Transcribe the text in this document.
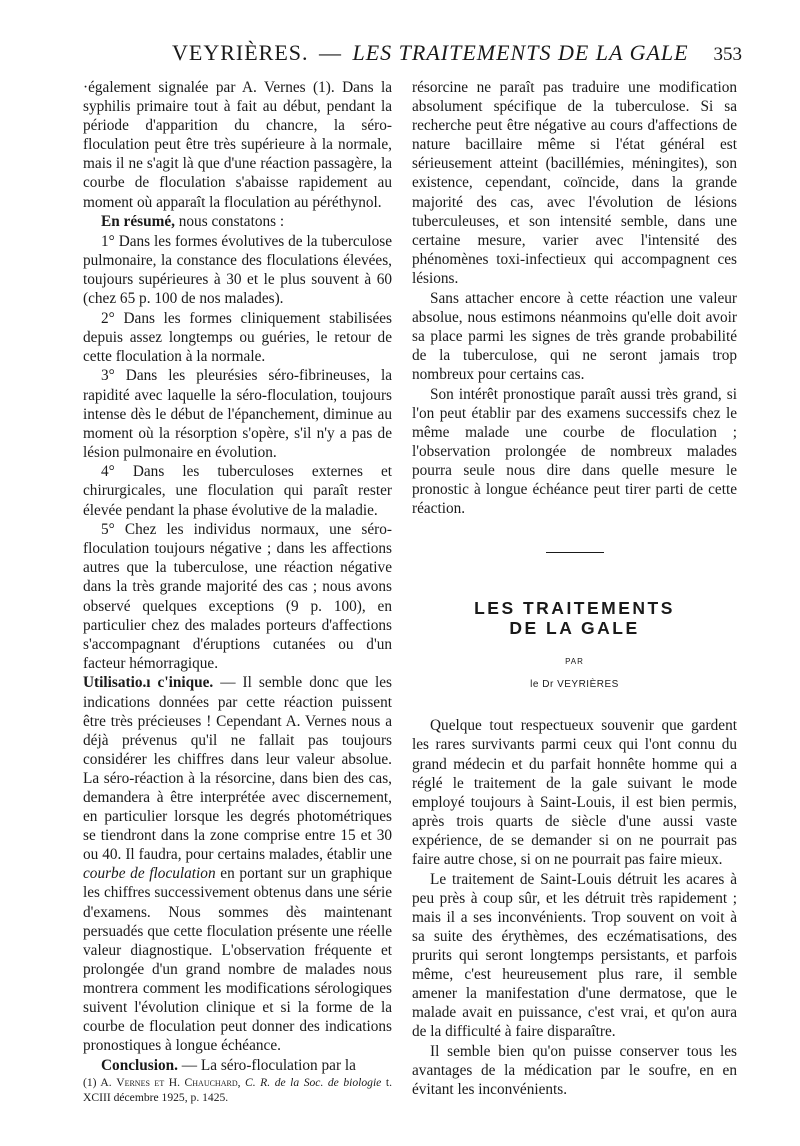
VEYRIÈRES. — LES TRAITEMENTS DE LA GALE 353

·également signalée par A. Vernes (1). Dans la syphilis primaire tout à fait au début, pendant la période d'apparition du chancre, la séro-floculation peut être très supérieure à la normale, mais il ne s'agit là que d'une réaction passagère, la courbe de floculation s'abaisse rapidement au moment où apparaît la floculation au péréthynol.

En résumé, nous constatons :

1° Dans les formes évolutives de la tuberculose pulmonaire, la constance des floculations élevées, toujours supérieures à 30 et le plus souvent à 60 (chez 65 p. 100 de nos malades).

2° Dans les formes cliniquement stabilisées depuis assez longtemps ou guéries, le retour de cette floculation à la normale.

3° Dans les pleurésies séro-fibrineuses, la rapidité avec laquelle la séro-floculation, toujours intense dès le début de l'épanchement, diminue au moment où la résorption s'opère, s'il n'y a pas de lésion pulmonaire en évolution.

4° Dans les tuberculoses externes et chirurgicales, une floculation qui paraît rester élevée pendant la phase évolutive de la maladie.

5° Chez les individus normaux, une séro-floculation toujours négative ; dans les affections autres que la tuberculose, une réaction négative dans la très grande majorité des cas ; nous avons observé quelques exceptions (9 p. 100), en particulier chez des malades porteurs d'affections s'accompagnant d'éruptions cutanées ou d'un facteur hémorragique.

Utilisatio.ı c'inique. — Il semble donc que les indications données par cette réaction puissent être très précieuses ! Cependant A. Vernes nous a déjà prévenus qu'il ne fallait pas toujours considérer les chiffres dans leur valeur absolue. La séro-réaction à la résorcine, dans bien des cas, demandera à être interprétée avec discernement, en particulier lorsque les degrés photométriques se tiendront dans la zone comprise entre 15 et 30 ou 40. Il faudra, pour certains malades, établir une courbe de floculation en portant sur un graphique les chiffres successivement obtenus dans une série d'examens. Nous sommes dès maintenant persuadés que cette floculation présente une réelle valeur diagnostique. L'observation fréquente et prolongée d'un grand nombre de malades nous montrera comment les modifications sérologiques suivent l'évolution clinique et si la forme de la courbe de floculation peut donner des indications pronostiques à longue échéance.

Conclusion. — La séro-floculation par la

(1) A. Vernes et H. Chauchard, C. R. de la Soc. de biologie t. XCIII décembre 1925, p. 1425.

résorcine ne paraît pas traduire une modification absolument spécifique de la tuberculose. Si sa recherche peut être négative au cours d'affections de nature bacillaire même si l'état général est sérieusement atteint (bacillémies, méningites), son existence, cependant, coïncide, dans la grande majorité des cas, avec l'évolution de lésions tuberculeuses, et son intensité semble, dans une certaine mesure, varier avec l'intensité des phénomènes toxi-infectieux qui accompagnent ces lésions.

Sans attacher encore à cette réaction une valeur absolue, nous estimons néanmoins qu'elle doit avoir sa place parmi les signes de très grande probabilité de la tuberculose, qui ne seront jamais trop nombreux pour certains cas.

Son intérêt pronostique paraît aussi très grand, si l'on peut établir par des examens successifs chez le même malade une courbe de floculation ; l'observation prolongée de nombreux malades pourra seule nous dire dans quelle mesure le pronostic à longue échéance peut tirer parti de cette réaction.

LES TRAITEMENTS
DE LA GALE
PAR
le Dr VEYRIÈRES

Quelque tout respectueux souvenir que gardent les rares survivants parmi ceux qui l'ont connu du grand médecin et du parfait honnête homme qui a réglé le traitement de la gale suivant le mode employé toujours à Saint-Louis, il est bien permis, après trois quarts de siècle d'une aussi vaste expérience, de se demander si on ne pourrait pas faire autre chose, si on ne pourrait pas faire mieux.

Le traitement de Saint-Louis détruit les acares à peu près à coup sûr, et les détruit très rapidement ; mais il a ses inconvénients. Trop souvent on voit à sa suite des érythèmes, des eczématisations, des prurits qui seront longtemps persistants, et parfois même, c'est heureusement plus rare, il semble amener la manifestation d'une dermatose, que le malade avait en puissance, c'est vrai, et qu'on aura de la difficulté à faire disparaître.

Il semble bien qu'on puisse conserver tous les avantages de la médication par le soufre, en en évitant les inconvénients.
